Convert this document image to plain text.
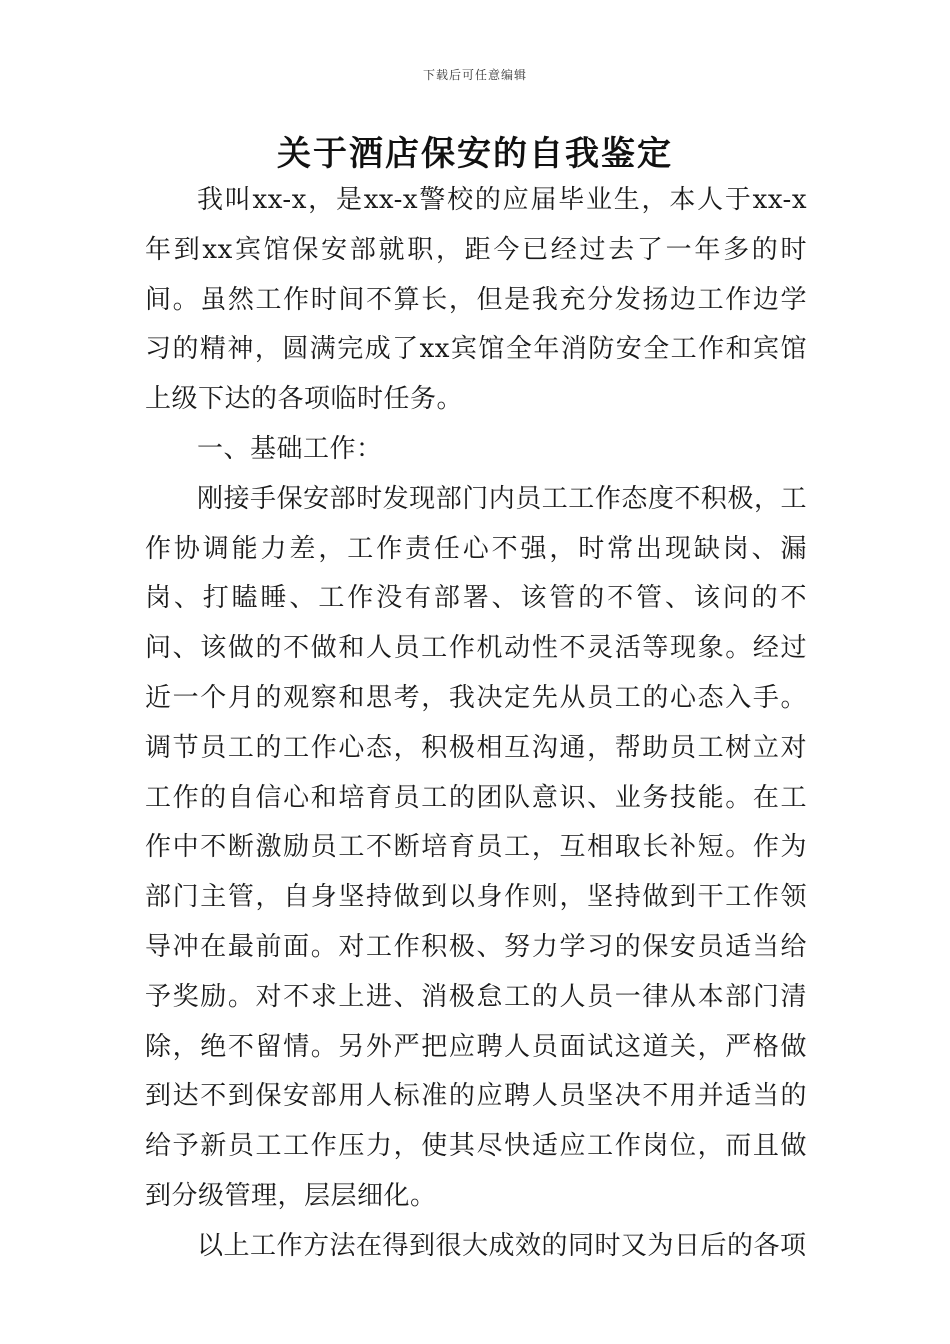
下载后可任意编辑
关于酒店保安的自我鉴定

我叫xx-x，是xx-x警校的应届毕业生，本人于xx-x年到xx宾馆保安部就职，距今已经过去了一年多的时间。虽然工作时间不算长，但是我充分发扬边工作边学习的精神，圆满完成了xx宾馆全年消防安全工作和宾馆上级下达的各项临时任务。

一、基础工作：

刚接手保安部时发现部门内员工工作态度不积极，工作协调能力差，工作责任心不强，时常出现缺岗、漏岗、打瞌睡、工作没有部署、该管的不管、该问的不问、该做的不做和人员工作机动性不灵活等现象。经过近一个月的观察和思考，我决定先从员工的心态入手。调节员工的工作心态，积极相互沟通，帮助员工树立对工作的自信心和培育员工的团队意识、业务技能。在工作中不断激励员工不断培育员工，互相取长补短。作为部门主管，自身坚持做到以身作则，坚持做到干工作领导冲在最前面。对工作积极、努力学习的保安员适当给予奖励。对不求上进、消极怠工的人员一律从本部门清除，绝不留情。另外严把应聘人员面试这道关，严格做到达不到保安部用人标准的应聘人员坚决不用并适当的给予新员工工作压力，使其尽快适应工作岗位，而且做到分级管理，层层细化。

以上工作方法在得到很大成效的同时又为日后的各项
